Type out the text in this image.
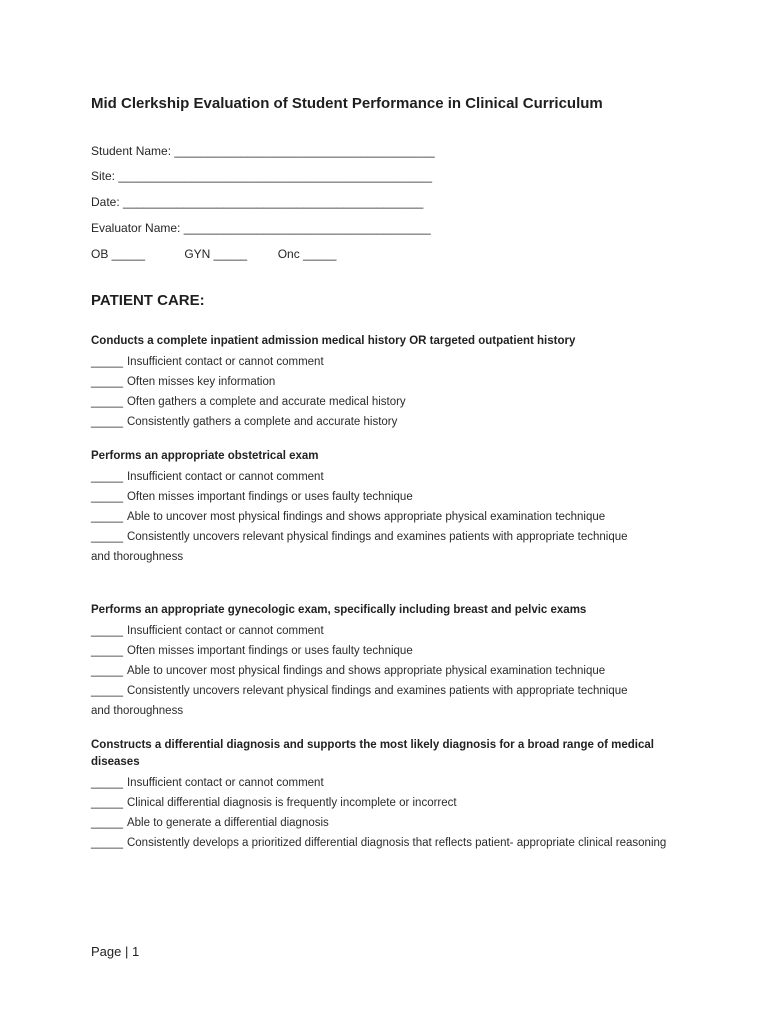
Mid Clerkship Evaluation of Student Performance in Clinical Curriculum
Student Name: _______________________________________
Site: _______________________________________________
Date: _____________________________________________
Evaluator Name: _____________________________________
OB _____	GYN _____	Onc _____
PATIENT CARE:
Conducts a complete inpatient admission medical history OR targeted outpatient history
_____ Insufficient contact or cannot comment
_____ Often misses key information
_____ Often gathers a complete and accurate medical history
_____ Consistently gathers a complete and accurate history
Performs an appropriate obstetrical exam
_____ Insufficient contact or cannot comment
_____ Often misses important findings or uses faulty technique
_____ Able to uncover most physical findings and shows appropriate physical examination technique
_____ Consistently uncovers relevant physical findings and examines patients with appropriate technique and thoroughness
Performs an appropriate gynecologic exam, specifically including breast and pelvic exams
_____ Insufficient contact or cannot comment
_____ Often misses important findings or uses faulty technique
_____ Able to uncover most physical findings and shows appropriate physical examination technique
_____ Consistently uncovers relevant physical findings and examines patients with appropriate technique and thoroughness
Constructs a differential diagnosis and supports the most likely diagnosis for a broad range of medical diseases
_____ Insufficient contact or cannot comment
_____ Clinical differential diagnosis is frequently incomplete or incorrect
_____ Able to generate a differential diagnosis
_____ Consistently develops a prioritized differential diagnosis that reflects patient- appropriate clinical reasoning
Page | 1
